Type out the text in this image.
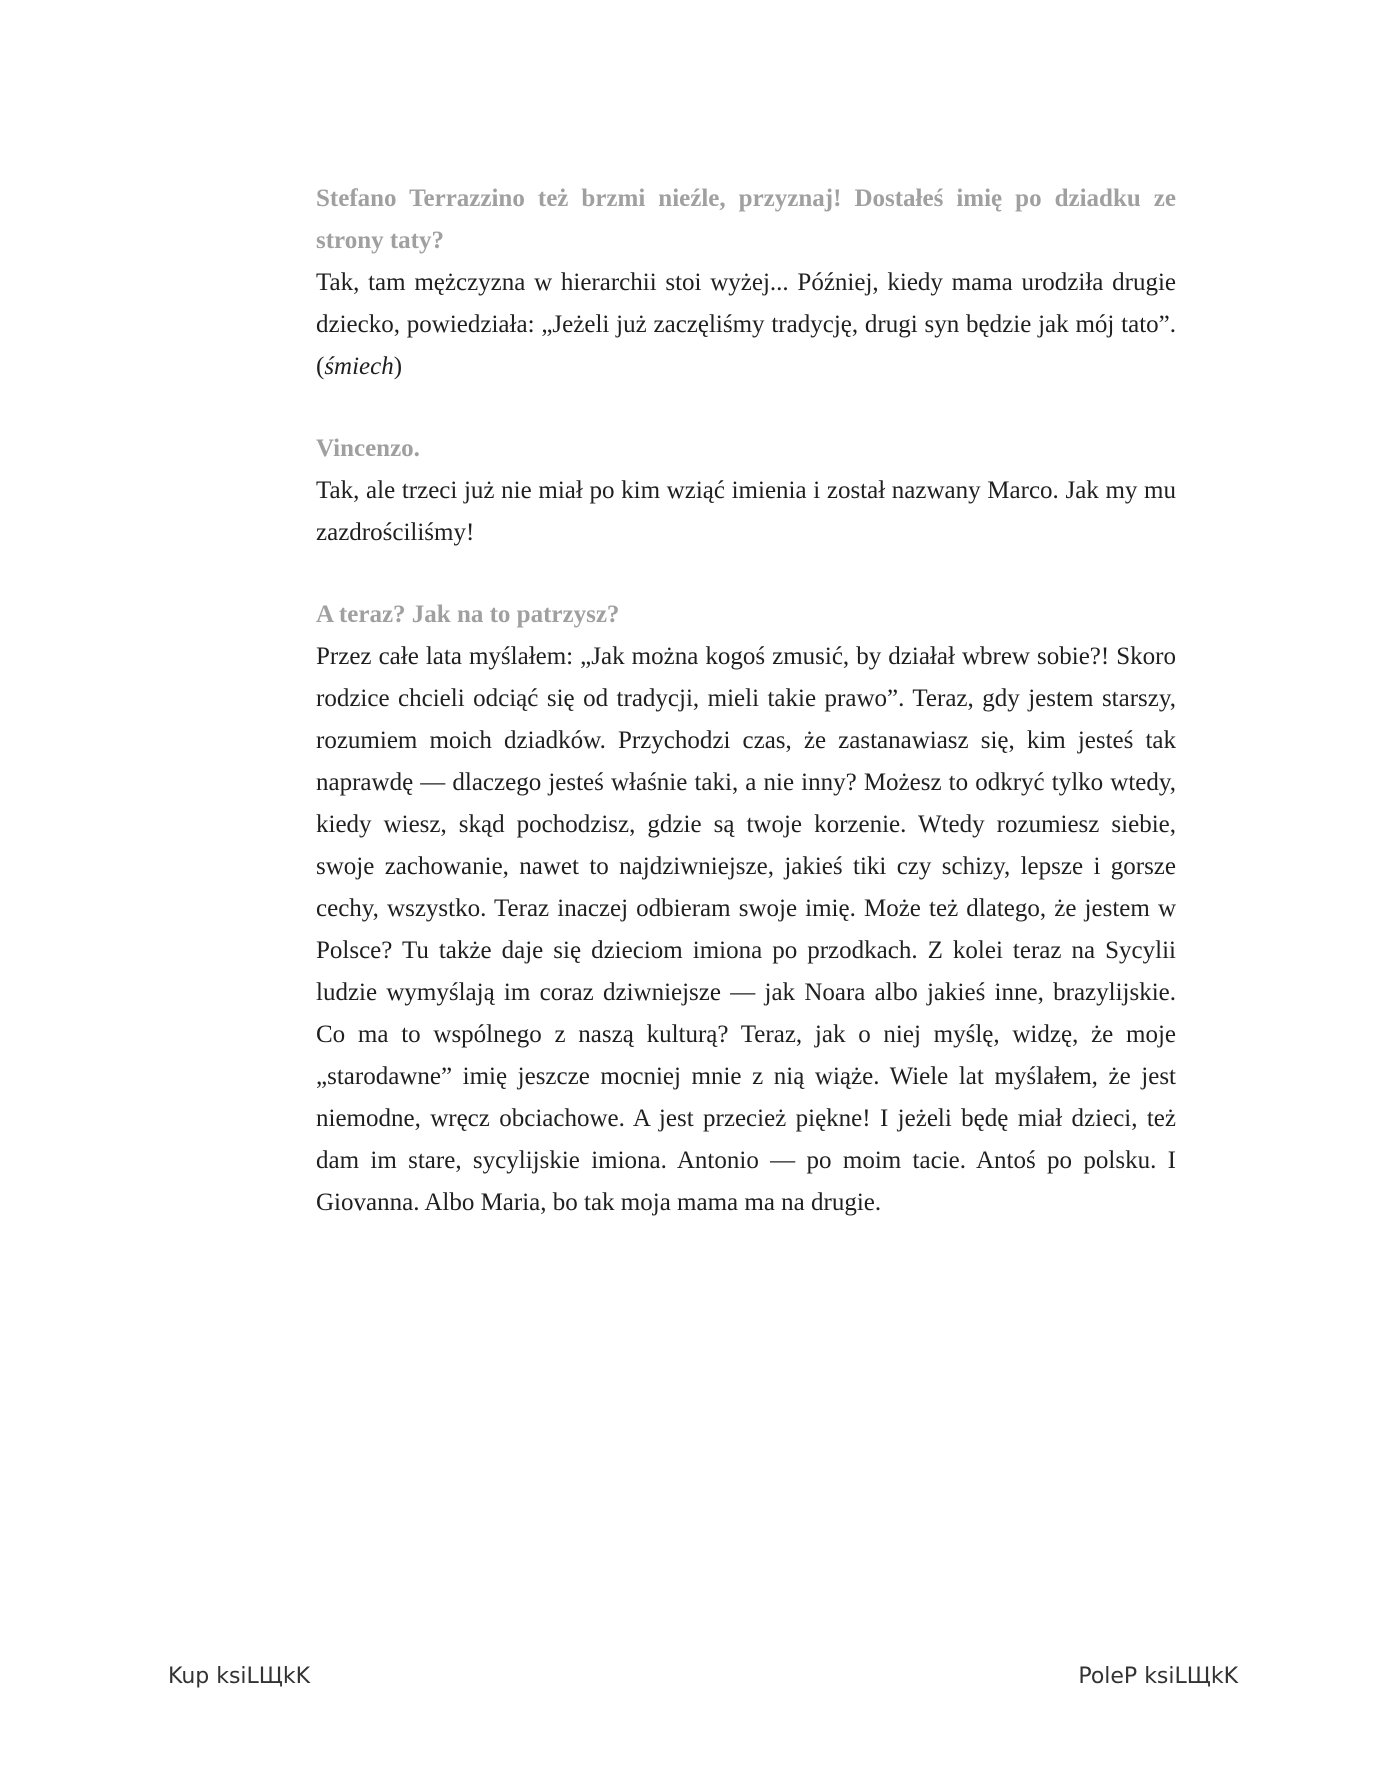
Stefano Terrazzino też brzmi nieźle, przyznaj! Dostałeś imię po dziadku ze strony taty?

Tak, tam mężczyzna w hierarchii stoi wyżej... Później, kiedy mama urodziła drugie dziecko, powiedziała: „Jeżeli już zaczęliśmy tradycję, drugi syn będzie jak mój tato”. (śmiech)

Vincenzo.

Tak, ale trzeci już nie miał po kim wziąć imienia i został nazwany Marco. Jak my mu zazdrościliśmy!

A teraz? Jak na to patrzysz?

Przez całe lata myślałem: „Jak można kogoś zmusić, by działał wbrew sobie?! Skoro rodzice chcieli odciąć się od tradycji, mieli takie prawo”. Teraz, gdy jestem starszy, rozumiem moich dziadków. Przychodzi czas, że zastanawiasz się, kim jesteś tak naprawdę — dlaczego jesteś właśnie taki, a nie inny? Możesz to odkryć tylko wtedy, kiedy wiesz, skąd pochodzisz, gdzie są twoje korzenie. Wtedy rozumiesz siebie, swoje zachowanie, nawet to najdziwniejsze, jakieś tiki czy schizy, lepsze i gorsze cechy, wszystko. Teraz inaczej odbieram swoje imię. Może też dlatego, że jestem w Polsce? Tu także daje się dzieciom imiona po przodkach. Z kolei teraz na Sycylii ludzie wymyślają im coraz dziwniejsze — jak Noara albo jakieś inne, brazylijskie. Co ma to wspólnego z naszą kulturą? Teraz, jak o niej myślę, widzę, że moje „starodawne” imię jeszcze mocniej mnie z nią wiąże. Wiele lat myślałem, że jest niemodne, wręcz obciachowe. A jest przecież piękne! I jeżeli będę miał dzieci, też dam im stare, sycylijskie imiona. Antonio — po moim tacie. Antoś po polsku. I Giovanna. Albo Maria, bo tak moja mama ma na drugie.

Kup ksiLЩkK	PoleP ksiLЩkK
